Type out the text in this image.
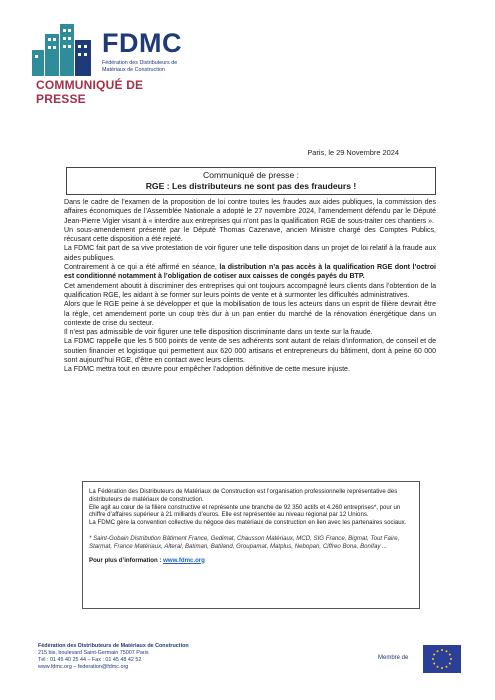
FDMC
Fédération des Distributeurs de Matériaux de Construction
COMMUNIQUÉ DE PRESSE
Paris, le 29 Novembre 2024
Communiqué de presse :
RGE : Les distributeurs ne sont pas des fraudeurs !

Dans le cadre de l’examen de la proposition de loi contre toutes les fraudes aux aides publiques, la commission des affaires économiques de l’Assemblée Nationale a adopté le 27 novembre 2024, l’amendement défendu par le Député Jean-Pierre Vigier visant à « interdire aux entreprises qui n’ont pas la qualification RGE de sous-traiter ces chantiers ».

Un sous-amendement présenté par le Député Thomas Cazenave, ancien Ministre chargé des Comptes Publics, récusant cette disposition a été rejeté.

La FDMC fait part de sa vive protestation de voir figurer une telle disposition dans un projet de loi relatif à la fraude aux aides publiques.

Contrairement à ce qui a été affirmé en séance, la distribution n’a pas accès à la qualification RGE dont l’octroi est conditionné notamment à l’obligation de cotiser aux caisses de congés payés du BTP.

Cet amendement aboutit à discriminer des entreprises qui ont toujours accompagné leurs clients dans l’obtention de la qualification RGE, les aidant à se former sur leurs points de vente et à surmonter les difficultés administratives.

Alors que le RGE peine à se développer et que la mobilisation de tous les acteurs dans un esprit de filière devrait être la règle, cet amendement porte un coup très dur à un pan entier du marché de la rénovation énergétique dans un contexte de crise du secteur.

Il n’est pas admissible de voir figurer une telle disposition discriminante dans un texte sur la fraude.

La FDMC rappelle que les 5 500 points de vente de ses adhérents sont autant de relais d’information, de conseil et de soutien financier et logistique qui permettent aux 620 000 artisans et entrepreneurs du bâtiment, dont à peine 60 000 sont aujourd’hui RGE, d’être en contact avec leurs clients.

La FDMC mettra tout en œuvre pour empêcher l’adoption définitive de cette mesure injuste.

La Fédération des Distributeurs de Matériaux de Construction est l’organisation professionnelle représentative des distributeurs de matériaux de construction.

Elle agit au cœur de la filière constructive et représente une branche de 92 350 actifs et 4.260 entreprises*, pour un chiffre d’affaires supérieur à 21 milliards d’euros. Elle est représentée au niveau régional par 12 Unions.

La FDMC gère la convention collective du négoce des matériaux de construction en lien avec les partenaires sociaux.

* Saint-Gobain Distribution Bâtiment France, Gedimat, Chausson Matériaux, MCD, SIG France, Bigmat, Tout Faire, Starmat, France Matériaux, Alteral, Batiman, Batiland, Groupamat, Matplus, Nebopan, Ciffreo Bona, Bonifay ...

Pour plus d’information : www.fdmc.org

Fédération des Distributeurs de Matériaux de Construction
215 bis, boulevard Saint-Germain 75007 Paris
Tél : 01 45 40 25 44 – Fax : 01 45 48 42 52
www.fdmc.org – federation@fdmc.org
Membre de
